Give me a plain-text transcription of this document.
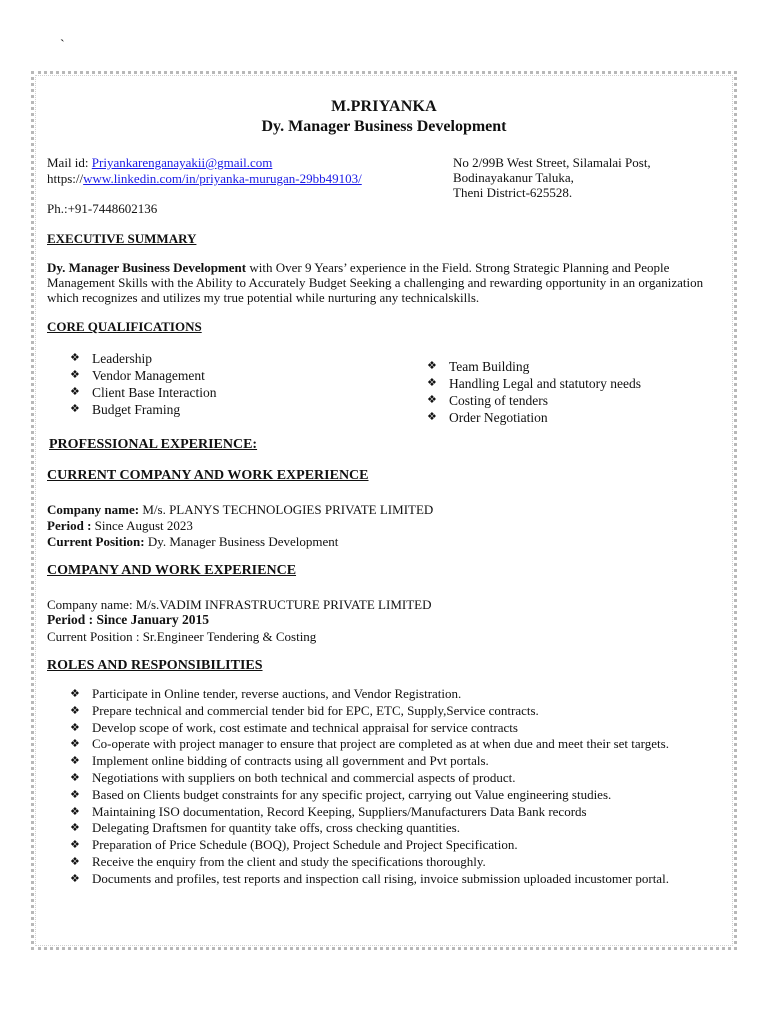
`
M.PRIYANKA
Dy. Manager Business Development
Mail id: Priyankarenganayakii@gmail.com
https://www.linkedin.com/in/priyanka-murugan-29bb49103/
Ph.:+91-7448602136
No 2/99B West Street, Silamalai Post,
Bodinayakanur Taluka,
Theni District-625528.
EXECUTIVE SUMMARY
Dy. Manager Business Development with Over 9 Years’ experience in the Field. Strong Strategic Planning and People Management Skills with the Ability to Accurately Budget Seeking a challenging and rewarding opportunity in an organization which recognizes and utilizes my true potential while nurturing any technicalskills.
CORE QUALIFICATIONS
❖ Leadership
❖ Vendor Management
❖ Client Base Interaction
❖ Budget Framing
❖ Team Building
❖ Handling Legal and statutory needs
❖ Costing of tenders
❖ Order Negotiation
PROFESSIONAL EXPERIENCE:
CURRENT COMPANY AND WORK EXPERIENCE
Company name: M/s. PLANYS TECHNOLOGIES PRIVATE LIMITED
Period : Since August 2023
Current Position: Dy. Manager Business Development
COMPANY AND WORK EXPERIENCE
Company name: M/s.VADIM INFRASTRUCTURE PRIVATE LIMITED
Period : Since January 2015
Current Position : Sr.Engineer Tendering & Costing
ROLES AND RESPONSIBILITIES
❖ Participate in Online tender, reverse auctions, and Vendor Registration.
❖ Prepare technical and commercial tender bid for EPC, ETC, Supply,Service contracts.
❖ Develop scope of work, cost estimate and technical appraisal for service contracts
❖ Co-operate with project manager to ensure that project are completed as at when due and meet their set targets.
❖ Implement online bidding of contracts using all government and Pvt portals.
❖ Negotiations with suppliers on both technical and commercial aspects of product.
❖ Based on Clients budget constraints for any specific project, carrying out Value engineering studies.
❖ Maintaining ISO documentation, Record Keeping, Suppliers/Manufacturers Data Bank records
❖ Delegating Draftsmen for quantity take offs, cross checking quantities.
❖ Preparation of Price Schedule (BOQ), Project Schedule and Project Specification.
❖ Receive the enquiry from the client and study the specifications thoroughly.
❖ Documents and profiles, test reports and inspection call rising, invoice submission uploaded incustomer portal.
